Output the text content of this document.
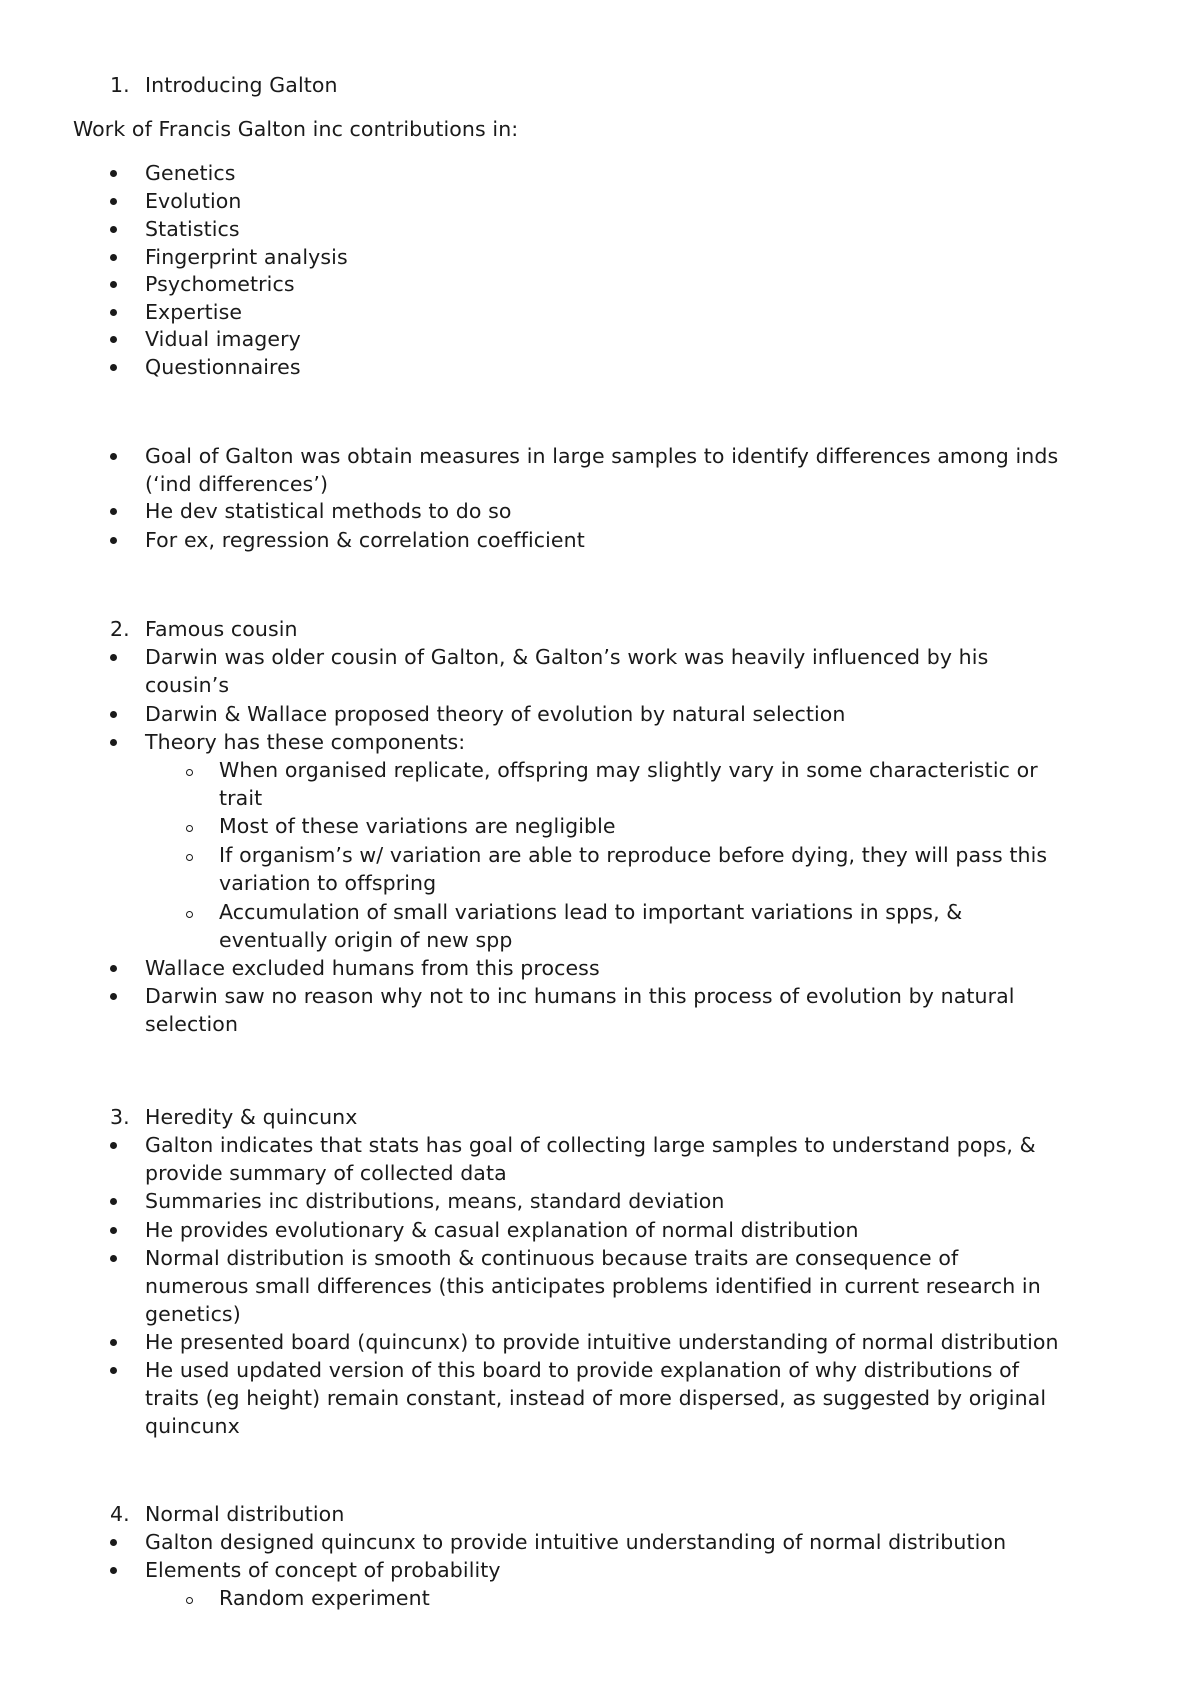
1. Introducing Galton
Work of Francis Galton inc contributions in:
Genetics
Evolution
Statistics
Fingerprint analysis
Psychometrics
Expertise
Vidual imagery
Questionnaires
Goal of Galton was obtain measures in large samples to identify differences among inds
(‘ind differences’)
He dev statistical methods to do so
For ex, regression & correlation coefficient
2. Famous cousin
Darwin was older cousin of Galton, & Galton’s work was heavily influenced by his
cousin’s
Darwin & Wallace proposed theory of evolution by natural selection
Theory has these components:
When organised replicate, offspring may slightly vary in some characteristic or
trait
Most of these variations are negligible
If organism’s w/ variation are able to reproduce before dying, they will pass this
variation to offspring
Accumulation of small variations lead to important variations in spps, &
eventually origin of new spp
Wallace excluded humans from this process
Darwin saw no reason why not to inc humans in this process of evolution by natural
selection
3. Heredity & quincunx
Galton indicates that stats has goal of collecting large samples to understand pops, &
provide summary of collected data
Summaries inc distributions, means, standard deviation
He provides evolutionary & casual explanation of normal distribution
Normal distribution is smooth & continuous because traits are consequence of
numerous small differences (this anticipates problems identified in current research in
genetics)
He presented board (quincunx) to provide intuitive understanding of normal distribution
He used updated version of this board to provide explanation of why distributions of
traits (eg height) remain constant, instead of more dispersed, as suggested by original
quincunx
4. Normal distribution
Galton designed quincunx to provide intuitive understanding of normal distribution
Elements of concept of probability
Random experiment
